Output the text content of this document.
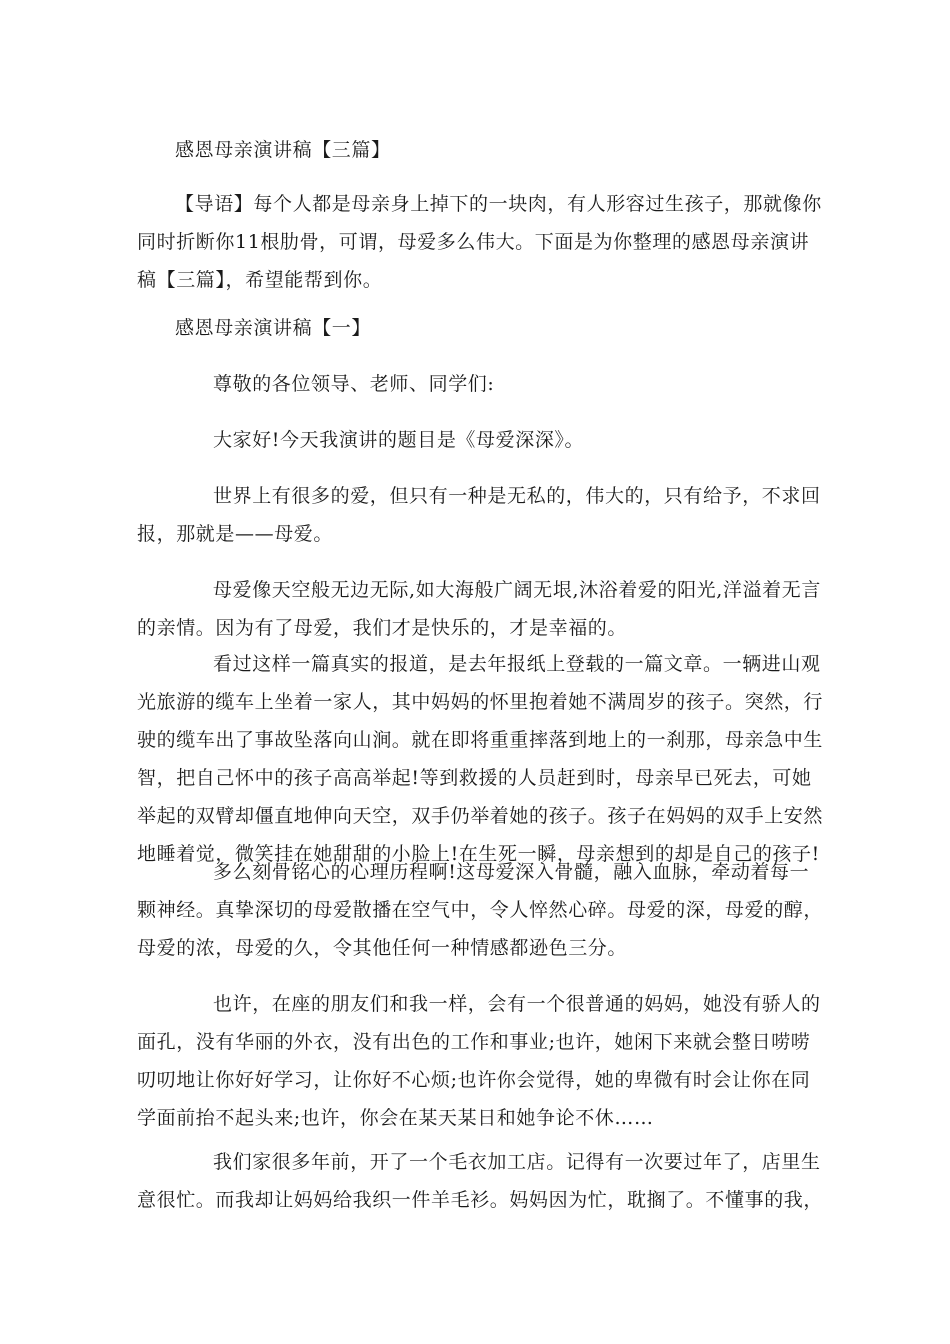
感恩母亲演讲稿【三篇】

【导语】每个人都是母亲身上掉下的一块肉，有人形容过生孩子，那就像你同时折断你11根肋骨，可谓，母爱多么伟大。下面是为你整理的感恩母亲演讲稿【三篇】，希望能帮到你。

感恩母亲演讲稿【一】

尊敬的各位领导、老师、同学们:

大家好!今天我演讲的题目是《母爱深深》。

世界上有很多的爱，但只有一种是无私的，伟大的，只有给予，不求回报，那就是——母爱。

母爱像天空般无边无际,如大海般广阔无垠,沐浴着爱的阳光,洋溢着无言的亲情。因为有了母爱，我们才是快乐的，才是幸福的。

看过这样一篇真实的报道，是去年报纸上登载的一篇文章。一辆进山观光旅游的缆车上坐着一家人，其中妈妈的怀里抱着她不满周岁的孩子。突然，行驶的缆车出了事故坠落向山涧。就在即将重重摔落到地上的一刹那，母亲急中生智，把自己怀中的孩子高高举起!等到救援的人员赶到时，母亲早已死去，可她举起的双臂却僵直地伸向天空，双手仍举着她的孩子。孩子在妈妈的双手上安然地睡着觉，微笑挂在她甜甜的小脸上!在生死一瞬，母亲想到的却是自己的孩子!

多么刻骨铭心的心理历程啊!这母爱深入骨髓，融入血脉，牵动着每一颗神经。真挚深切的母爱散播在空气中，令人悴然心碎。母爱的深，母爱的醇，母爱的浓，母爱的久，令其他任何一种情感都逊色三分。

也许，在座的朋友们和我一样，会有一个很普通的妈妈，她没有骄人的面孔，没有华丽的外衣，没有出色的工作和事业;也许，她闲下来就会整日唠唠叨叨地让你好好学习，让你好不心烦;也许你会觉得，她的卑微有时会让你在同学面前抬不起头来;也许，你会在某天某日和她争论不休……

我们家很多年前，开了一个毛衣加工店。记得有一次要过年了，店里生意很忙。而我却让妈妈给我织一件羊毛衫。妈妈因为忙，耽搁了。不懂事的我，
